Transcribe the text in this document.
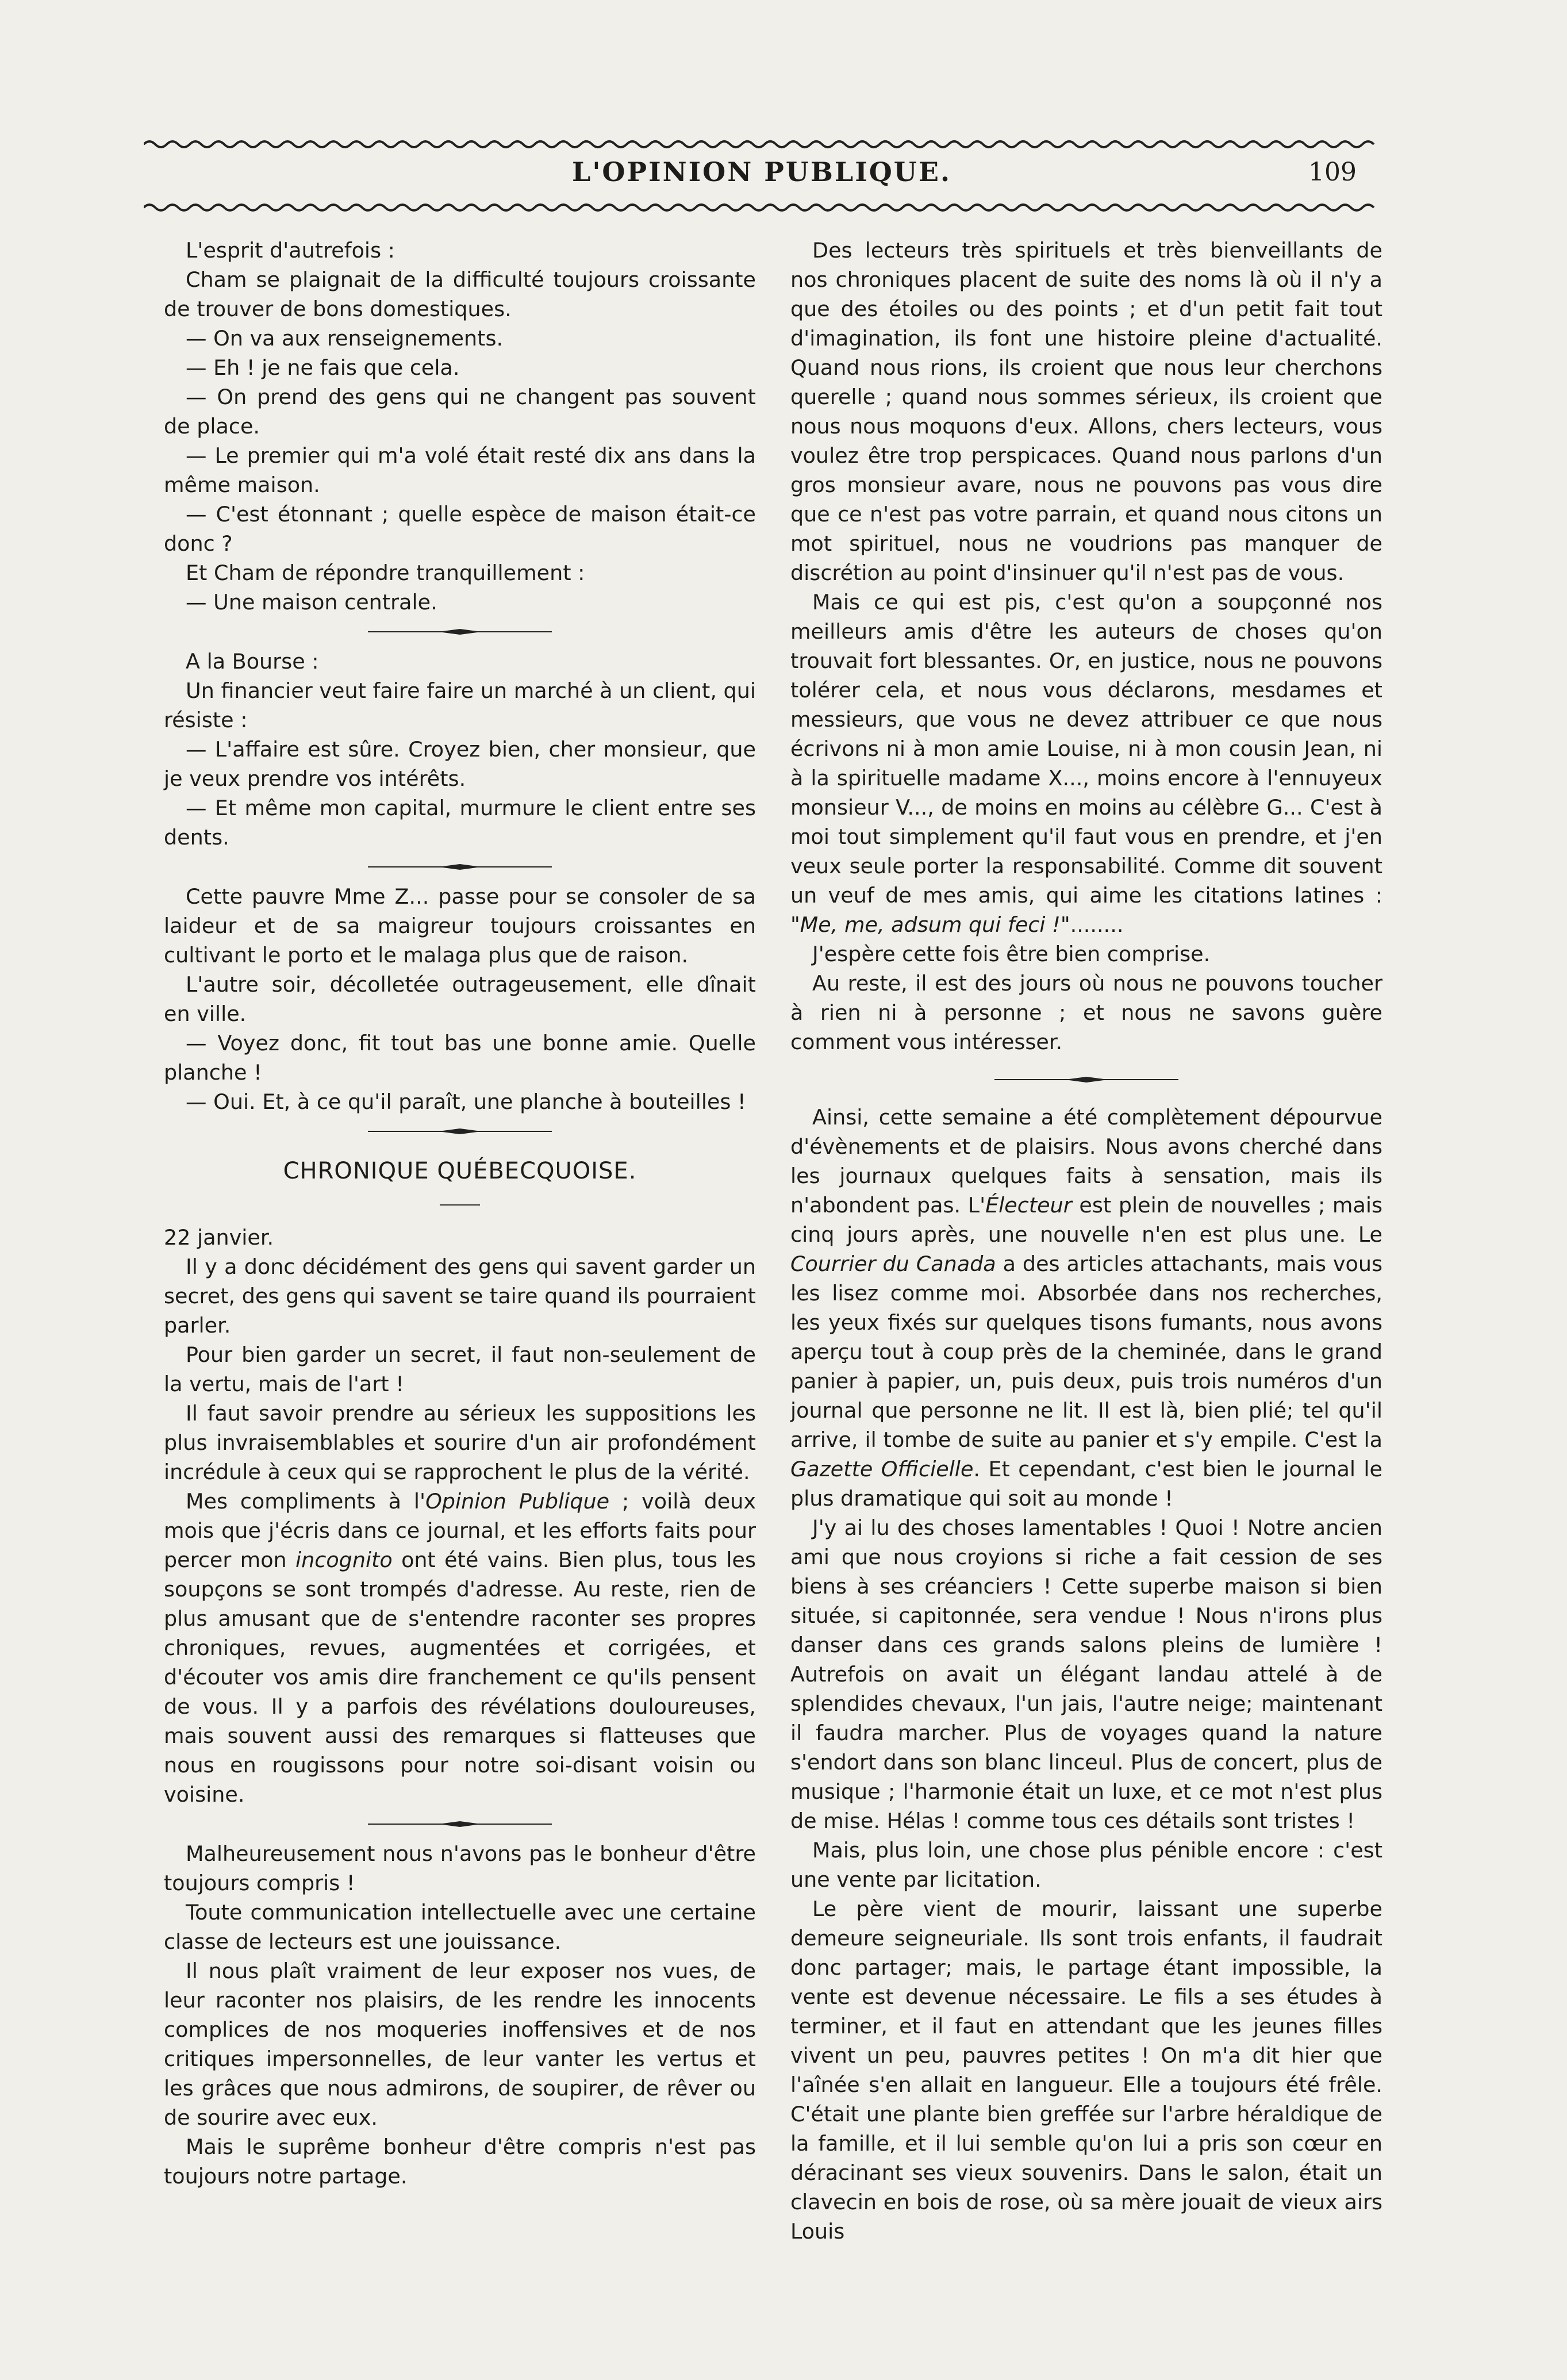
L'OPINION PUBLIQUE.	109

L'esprit d'autrefois :

Cham se plaignait de la difficulté toujours croissante de trouver de bons domestiques.

— On va aux renseignements.

— Eh ! je ne fais que cela.

— On prend des gens qui ne changent pas souvent de place.

— Le premier qui m'a volé était resté dix ans dans la même maison.

— C'est étonnant ; quelle espèce de maison était-ce donc ?

Et Cham de répondre tranquillement :

— Une maison centrale.

A la Bourse :

Un financier veut faire faire un marché à un client, qui résiste :

— L'affaire est sûre. Croyez bien, cher monsieur, que je veux prendre vos intérêts.

— Et même mon capital, murmure le client entre ses dents.

Cette pauvre Mme Z... passe pour se consoler de sa laideur et de sa maigreur toujours croissantes en cultivant le porto et le malaga plus que de raison.

L'autre soir, décolletée outrageusement, elle dînait en ville.

— Voyez donc, fit tout bas une bonne amie. Quelle planche !

— Oui. Et, à ce qu'il paraît, une planche à bouteilles !

CHRONIQUE QUÉBECQUOISE.

22 janvier.

Il y a donc décidément des gens qui savent garder un secret, des gens qui savent se taire quand ils pourraient parler.

Pour bien garder un secret, il faut non-seulement de la vertu, mais de l'art !

Il faut savoir prendre au sérieux les suppositions les plus invraisemblables et sourire d'un air profondément incrédule à ceux qui se rapprochent le plus de la vérité.

Mes compliments à l'Opinion Publique ; voilà deux mois que j'écris dans ce journal, et les efforts faits pour percer mon incognito ont été vains. Bien plus, tous les soupçons se sont trompés d'adresse. Au reste, rien de plus amusant que de s'entendre raconter ses propres chroniques, revues, augmentées et corrigées, et d'écouter vos amis dire franchement ce qu'ils pensent de vous. Il y a parfois des révélations douloureuses, mais souvent aussi des remarques si flatteuses que nous en rougissons pour notre soi-disant voisin ou voisine.

Malheureusement nous n'avons pas le bonheur d'être toujours compris !

Toute communication intellectuelle avec une certaine classe de lecteurs est une jouissance.

Il nous plaît vraiment de leur exposer nos vues, de leur raconter nos plaisirs, de les rendre les innocents complices de nos moqueries inoffensives et de nos critiques impersonnelles, de leur vanter les vertus et les grâces que nous admirons, de soupirer, de rêver ou de sourire avec eux.

Mais le suprême bonheur d'être compris n'est pas toujours notre partage.

Des lecteurs très spirituels et très bienveillants de nos chroniques placent de suite des noms là où il n'y a que des étoiles ou des points ; et d'un petit fait tout d'imagination, ils font une histoire pleine d'actualité. Quand nous rions, ils croient que nous leur cherchons querelle ; quand nous sommes sérieux, ils croient que nous nous moquons d'eux. Allons, chers lecteurs, vous voulez être trop perspicaces. Quand nous parlons d'un gros monsieur avare, nous ne pouvons pas vous dire que ce n'est pas votre parrain, et quand nous citons un mot spirituel, nous ne voudrions pas manquer de discrétion au point d'insinuer qu'il n'est pas de vous.

Mais ce qui est pis, c'est qu'on a soupçonné nos meilleurs amis d'être les auteurs de choses qu'on trouvait fort blessantes. Or, en justice, nous ne pouvons tolérer cela, et nous vous déclarons, mesdames et messieurs, que vous ne devez attribuer ce que nous écrivons ni à mon amie Louise, ni à mon cousin Jean, ni à la spirituelle madame X..., moins encore à l'ennuyeux monsieur V..., de moins en moins au célèbre G... C'est à moi tout simplement qu'il faut vous en prendre, et j'en veux seule porter la responsabilité. Comme dit souvent un veuf de mes amis, qui aime les citations latines : "Me, me, adsum qui feci !"........

J'espère cette fois être bien comprise.

Au reste, il est des jours où nous ne pouvons toucher à rien ni à personne ; et nous ne savons guère comment vous intéresser.

Ainsi, cette semaine a été complètement dépourvue d'évènements et de plaisirs. Nous avons cherché dans les journaux quelques faits à sensation, mais ils n'abondent pas. L'Électeur est plein de nouvelles ; mais cinq jours après, une nouvelle n'en est plus une. Le Courrier du Canada a des articles attachants, mais vous les lisez comme moi. Absorbée dans nos recherches, les yeux fixés sur quelques tisons fumants, nous avons aperçu tout à coup près de la cheminée, dans le grand panier à papier, un, puis deux, puis trois numéros d'un journal que personne ne lit. Il est là, bien plié; tel qu'il arrive, il tombe de suite au panier et s'y empile. C'est la Gazette Officielle. Et cependant, c'est bien le journal le plus dramatique qui soit au monde !

J'y ai lu des choses lamentables ! Quoi ! Notre ancien ami que nous croyions si riche a fait cession de ses biens à ses créanciers ! Cette superbe maison si bien située, si capitonnée, sera vendue ! Nous n'irons plus danser dans ces grands salons pleins de lumière ! Autrefois on avait un élégant landau attelé à de splendides chevaux, l'un jais, l'autre neige; maintenant il faudra marcher. Plus de voyages quand la nature s'endort dans son blanc linceul. Plus de concert, plus de musique ; l'harmonie était un luxe, et ce mot n'est plus de mise. Hélas ! comme tous ces détails sont tristes !

Mais, plus loin, une chose plus pénible encore : c'est une vente par licitation.

Le père vient de mourir, laissant une superbe demeure seigneuriale. Ils sont trois enfants, il faudrait donc partager; mais, le partage étant impossible, la vente est devenue nécessaire. Le fils a ses études à terminer, et il faut en attendant que les jeunes filles vivent un peu, pauvres petites ! On m'a dit hier que l'aînée s'en allait en langueur. Elle a toujours été frêle. C'était une plante bien greffée sur l'arbre héraldique de la famille, et il lui semble qu'on lui a pris son cœur en déracinant ses vieux souvenirs. Dans le salon, était un clavecin en bois de rose, où sa mère jouait de vieux airs Louis
